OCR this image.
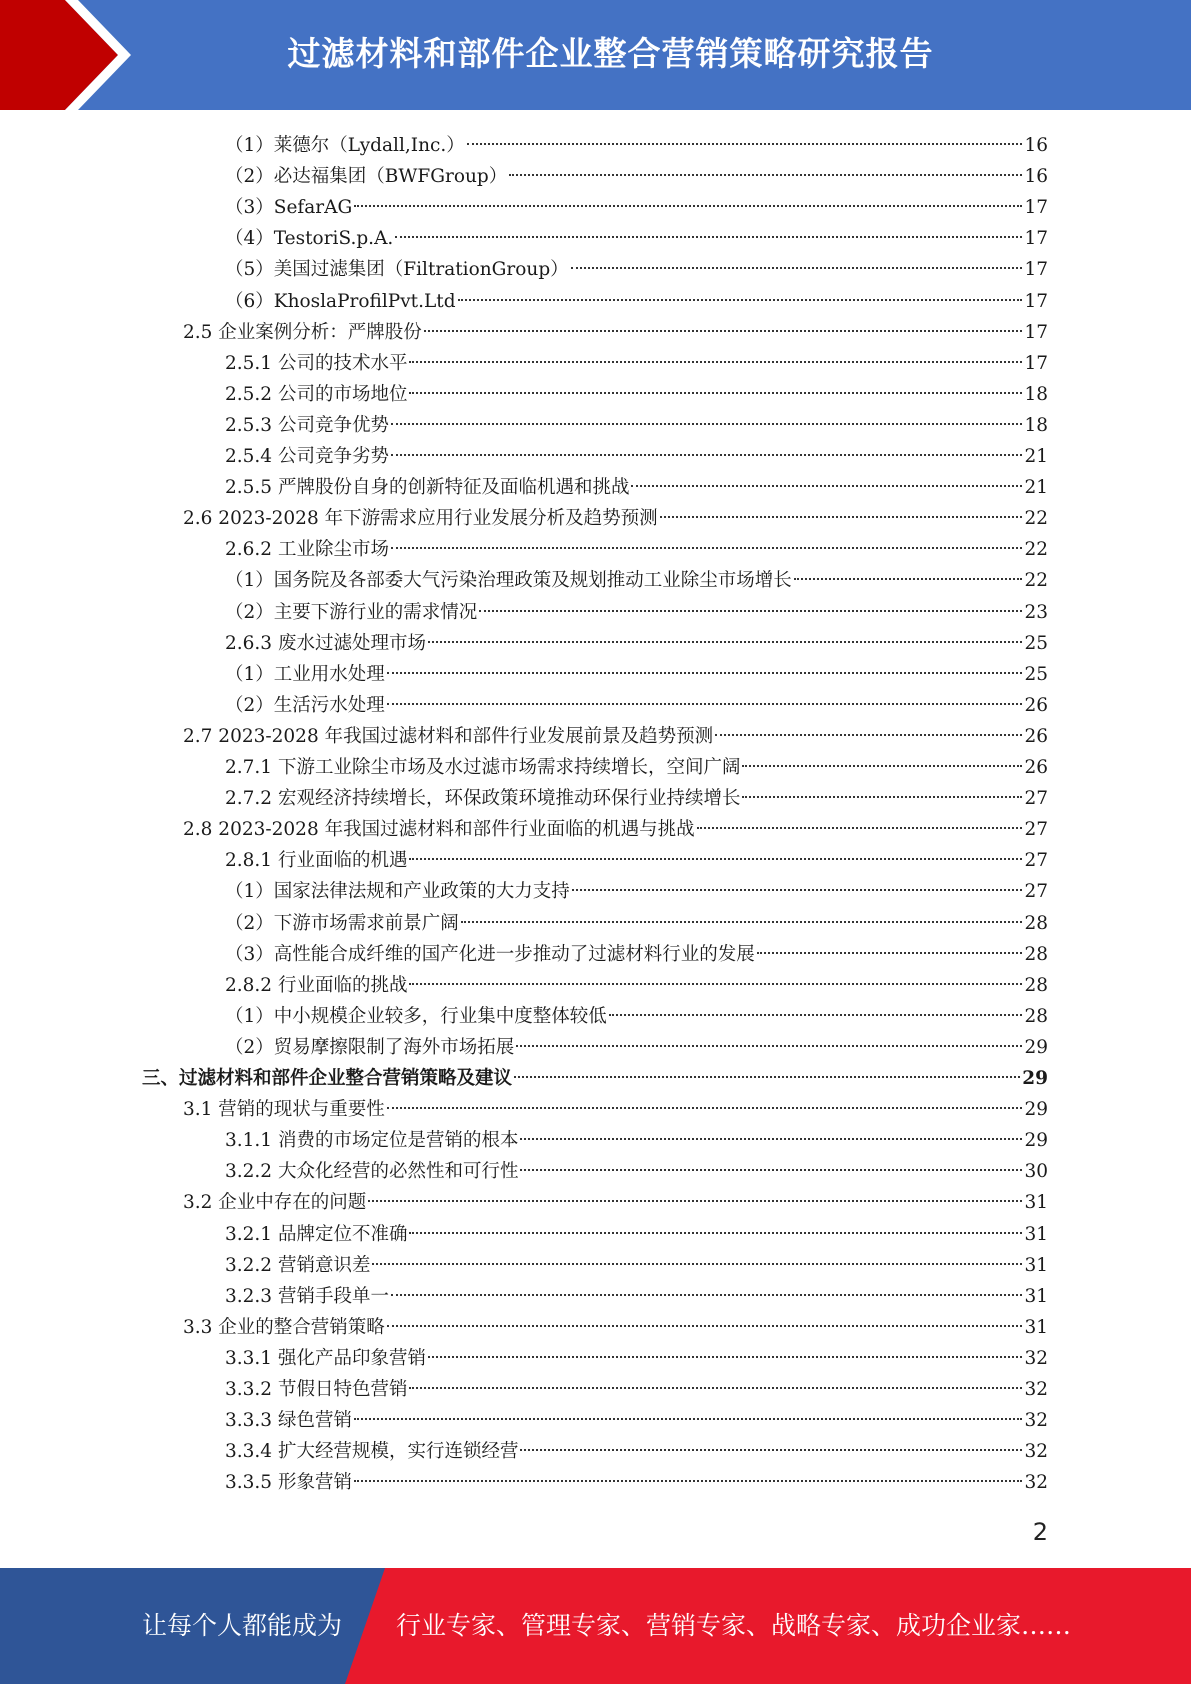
过滤材料和部件企业整合营销策略研究报告
（1）莱德尔（Lydall,Inc.）	16
（2）必达福集团（BWFGroup）	16
（3）SefarAG	17
（4）TestoriS.p.A.	17
（5）美国过滤集团（FiltrationGroup）	17
（6）KhoslaProfilPvt.Ltd	17
2.5 企业案例分析：严牌股份	17
2.5.1 公司的技术水平	17
2.5.2 公司的市场地位	18
2.5.3 公司竞争优势	18
2.5.4 公司竞争劣势	21
2.5.5 严牌股份自身的创新特征及面临机遇和挑战	21
2.6 2023-2028 年下游需求应用行业发展分析及趋势预测	22
2.6.2 工业除尘市场	22
（1）国务院及各部委大气污染治理政策及规划推动工业除尘市场增长	22
（2）主要下游行业的需求情况	23
2.6.3 废水过滤处理市场	25
（1）工业用水处理	25
（2）生活污水处理	26
2.7 2023-2028 年我国过滤材料和部件行业发展前景及趋势预测	26
2.7.1 下游工业除尘市场及水过滤市场需求持续增长，空间广阔	26
2.7.2 宏观经济持续增长，环保政策环境推动环保行业持续增长	27
2.8 2023-2028 年我国过滤材料和部件行业面临的机遇与挑战	27
2.8.1 行业面临的机遇	27
（1）国家法律法规和产业政策的大力支持	27
（2）下游市场需求前景广阔	28
（3）高性能合成纤维的国产化进一步推动了过滤材料行业的发展	28
2.8.2 行业面临的挑战	28
（1）中小规模企业较多，行业集中度整体较低	28
（2）贸易摩擦限制了海外市场拓展	29
三、过滤材料和部件企业整合营销策略及建议	29
3.1 营销的现状与重要性	29
3.1.1 消费的市场定位是营销的根本	29
3.2.2 大众化经营的必然性和可行性	30
3.2 企业中存在的问题	31
3.2.1 品牌定位不准确	31
3.2.2 营销意识差	31
3.2.3 营销手段单一	31
3.3 企业的整合营销策略	31
3.3.1 强化产品印象营销	32
3.3.2 节假日特色营销	32
3.3.3 绿色营销	32
3.3.4 扩大经营规模，实行连锁经营	32
3.3.5 形象营销	32
2
让每个人都能成为 行业专家、管理专家、营销专家、战略专家、成功企业家……
